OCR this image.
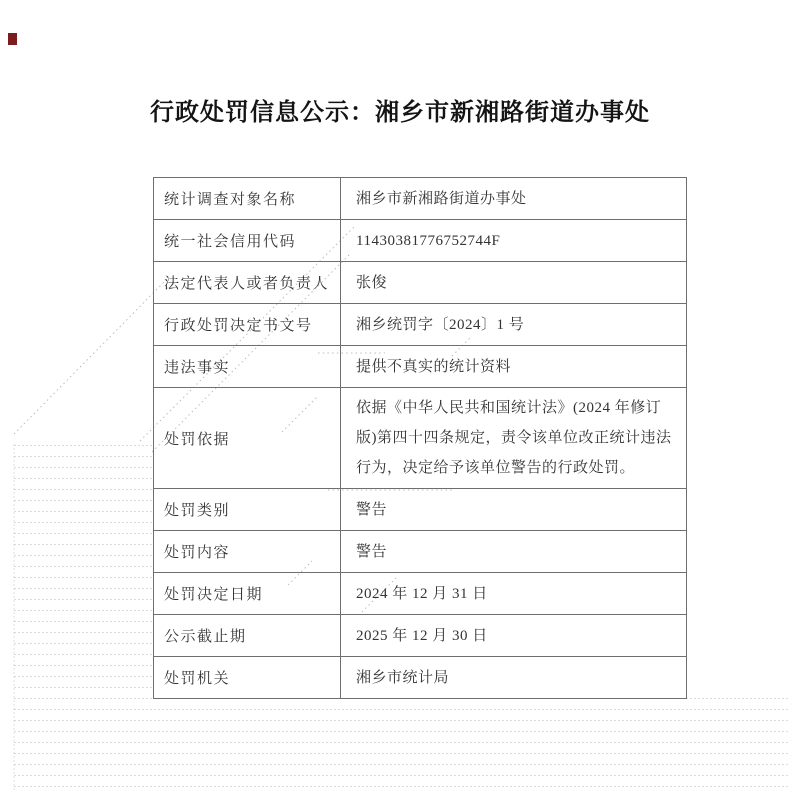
行政处罚信息公示：湘乡市新湘路街道办事处
统计调查对象名称	湘乡市新湘路街道办事处
统一社会信用代码	11430381776752744F
法定代表人或者负责人	张俊
行政处罚决定书文号	湘乡统罚字〔2024〕1 号
违法事实	提供不真实的统计资料
处罚依据	依据《中华人民共和国统计法》(2024 年修订版)第四十四条规定，责令该单位改正统计违法行为，决定给予该单位警告的行政处罚。
处罚类别	警告
处罚内容	警告
处罚决定日期	2024 年 12 月 31 日
公示截止期	2025 年 12 月 30 日
处罚机关	湘乡市统计局
